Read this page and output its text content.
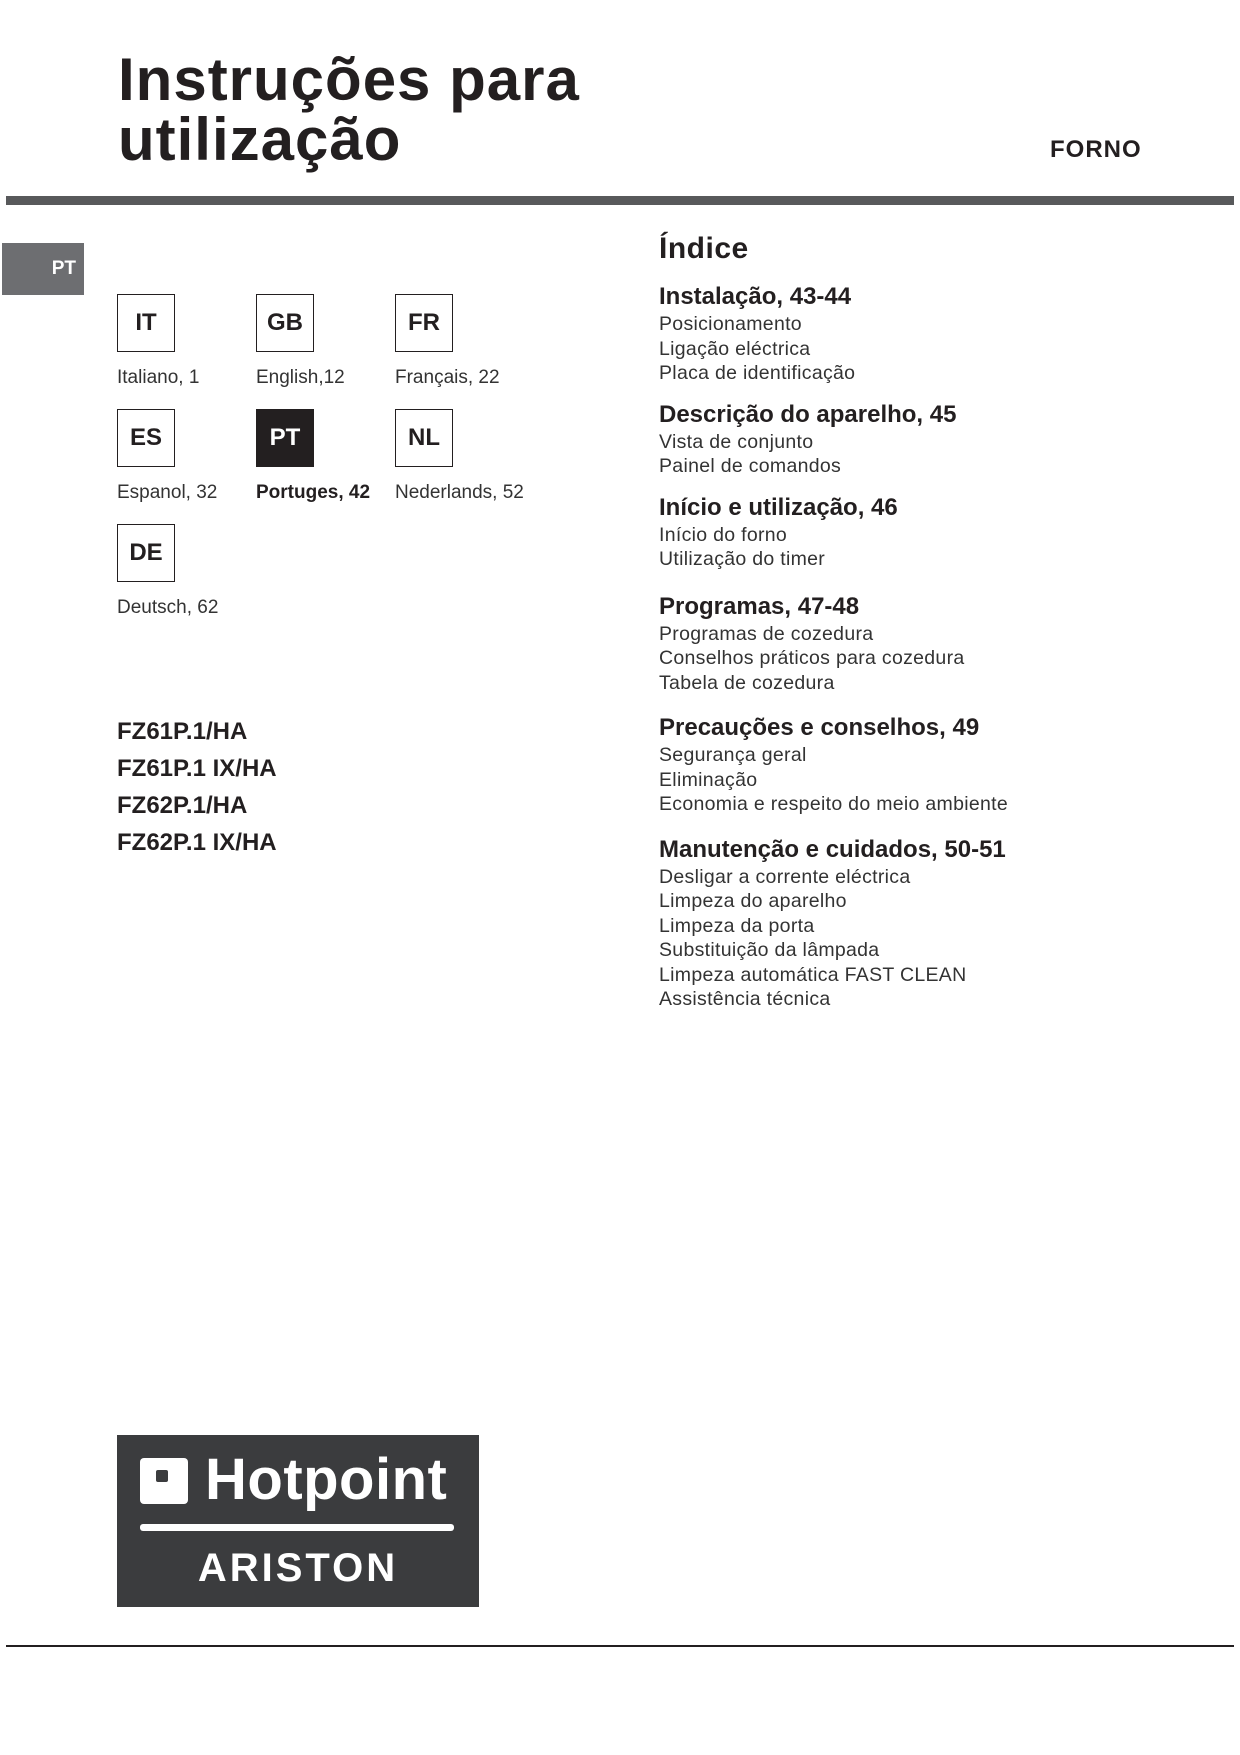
Instruções para
utilização	FORNO
PT
IT
Italiano, 1
GB
English,12
FR
Français, 22
ES
Espanol, 32
PT
Portuges, 42
NL
Nederlands, 52
DE
Deutsch, 62
FZ61P.1/HA
FZ61P.1 IX/HA
FZ62P.1/HA
FZ62P.1 IX/HA
Índice
Instalação, 43-44
Posicionamento
Ligação eléctrica
Placa de identificação
Descrição do aparelho, 45
Vista de conjunto
Painel de comandos
Início e utilização, 46
Início do forno
Utilização do timer
Programas, 47-48
Programas de cozedura
Conselhos práticos para cozedura
Tabela de cozedura
Precauções e conselhos, 49
Segurança geral
Eliminação
Economia e respeito do meio ambiente
Manutenção e cuidados, 50-51
Desligar a corrente eléctrica
Limpeza do aparelho
Limpeza da porta
Substituição da lâmpada
Limpeza automática FAST CLEAN
Assistência técnica
Hotpoint
ARISTON
